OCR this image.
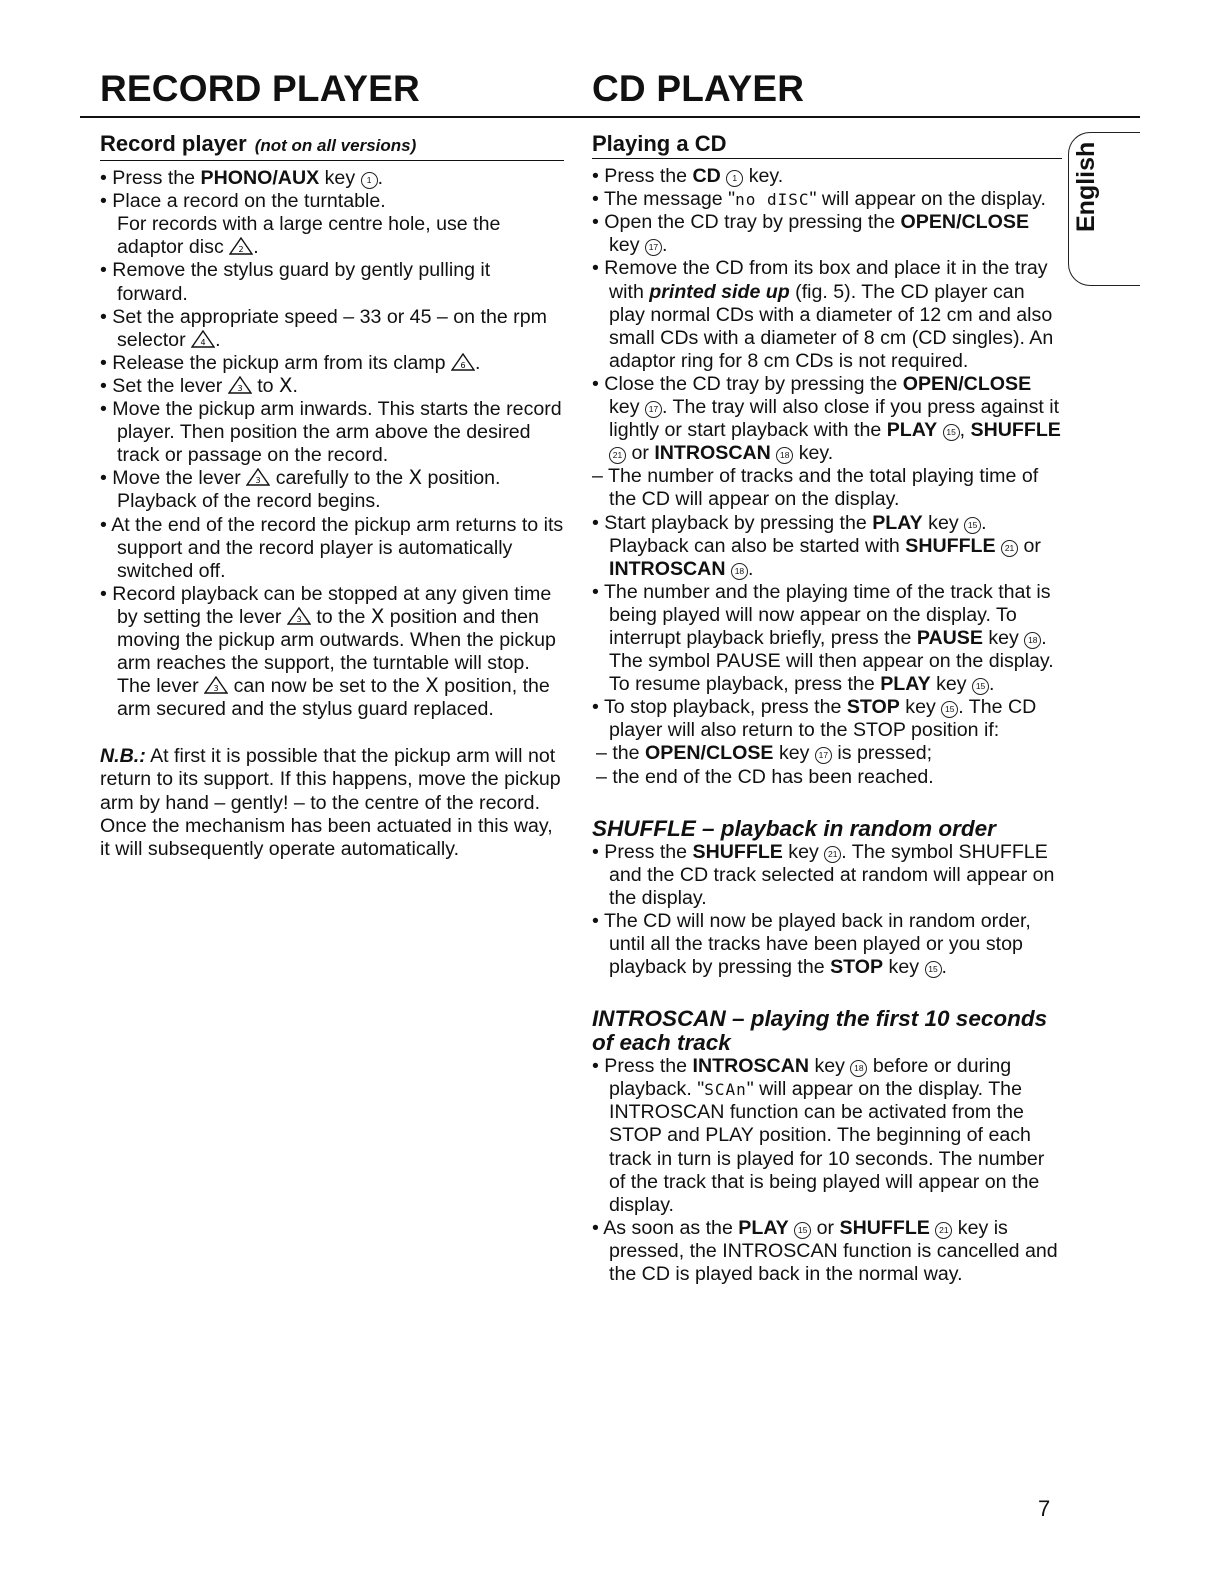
RECORD PLAYER	CD PLAYER
English
Record player (not on all versions)

• Press the PHONO/AUX key 1 .

• Place a record on the turntable.

For records with a large centre hole, use the adaptor disc 2 .

• Remove the stylus guard by gently pulling it forward.

• Set the appropriate speed – 33 or 45 – on the rpm selector 4 .

• Release the pickup arm from its clamp 6 .

• Set the lever 3 to Ⅹ.

• Move the pickup arm inwards. This starts the record player. Then position the arm above the desired track or passage on the record.

• Move the lever 3 carefully to the Ⅹ position. Playback of the record begins.

• At the end of the record the pickup arm returns to its support and the record player is automatically switched off.

• Record playback can be stopped at any given time by setting the lever 3 to the Ⅹ position and then moving the pickup arm outwards. When the pickup arm reaches the support, the turntable will stop. The lever 3 can now be set to the Ⅹ position, the arm secured and the stylus guard replaced.

N.B.: At first it is possible that the pickup arm will not return to its support. If this happens, move the pickup arm by hand – gently! – to the centre of the record. Once the mechanism has been actuated in this way, it will subsequently operate automatically.

Playing a CD

• Press the CD 1 key.

• The message "no dISC" will appear on the display.

• Open the CD tray by pressing the OPEN/CLOSE key 17 .

• Remove the CD from its box and place it in the tray with printed side up (fig. 5). The CD player can play normal CDs with a diameter of 12 cm and also small CDs with a diameter of 8 cm (CD singles). An adaptor ring for 8 cm CDs is not required.

• Close the CD tray by pressing the OPEN/CLOSE key 17 . The tray will also close if you press against it lightly or start playback with the PLAY 15 , SHUFFLE 21 or INTROSCAN 18 key.

– The number of tracks and the total playing time of the CD will appear on the display.

• Start playback by pressing the PLAY key 15 . Playback can also be started with SHUFFLE 21 or INTROSCAN 18 .

• The number and the playing time of the track that is being played will now appear on the display. To interrupt playback briefly, press the PAUSE key 18 . The symbol PAUSE will then appear on the display. To resume playback, press the PLAY key 15 .

• To stop playback, press the STOP key 15 . The CD player will also return to the STOP position if:

– the OPEN/CLOSE key 17 is pressed;

– the end of the CD has been reached.

SHUFFLE – playback in random order

• Press the SHUFFLE key 21 . The symbol SHUFFLE and the CD track selected at random will appear on the display.

• The CD will now be played back in random order, until all the tracks have been played or you stop playback by pressing the STOP key 15 .

INTROSCAN – playing the first 10 seconds of each track

• Press the INTROSCAN key 18 before or during playback. "SCAn" will appear on the display. The INTROSCAN function can be activated from the STOP and PLAY position. The beginning of each track in turn is played for 10 seconds. The number of the track that is being played will appear on the display.

• As soon as the PLAY 15 or SHUFFLE 21 key is pressed, the INTROSCAN function is cancelled and the CD is played back in the normal way.

7
